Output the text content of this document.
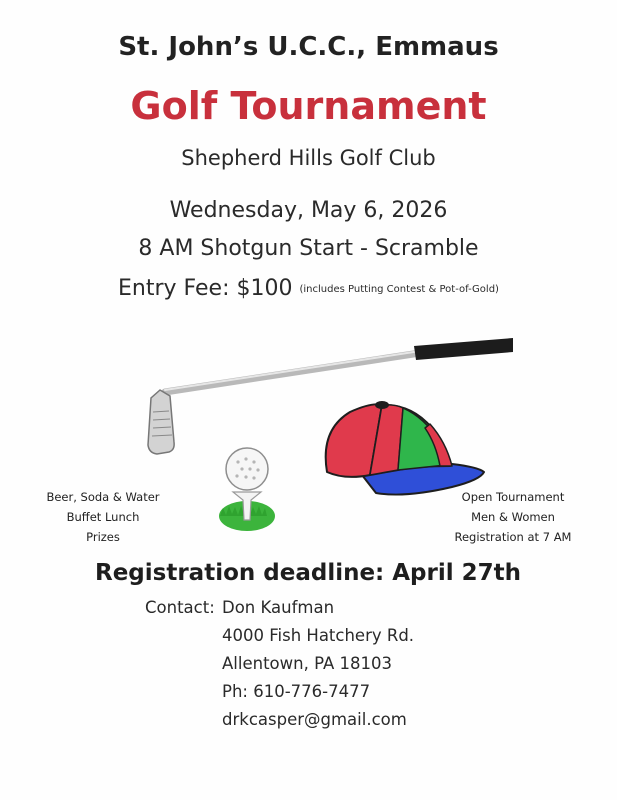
St. John’s U.C.C., Emmaus
Golf Tournament
Shepherd Hills Golf Club
Wednesday, May 6, 2026
8 AM Shotgun Start - Scramble
Entry Fee: $100 (includes Putting Contest & Pot-of-Gold)
Beer, Soda & Water
Buffet Lunch
Prizes
Open Tournament
Men & Women
Registration at 7 AM
Registration deadline: April 27th
Contact: Don Kaufman
4000 Fish Hatchery Rd.
Allentown, PA 18103
Ph: 610-776-7477
drkcasper@gmail.com
